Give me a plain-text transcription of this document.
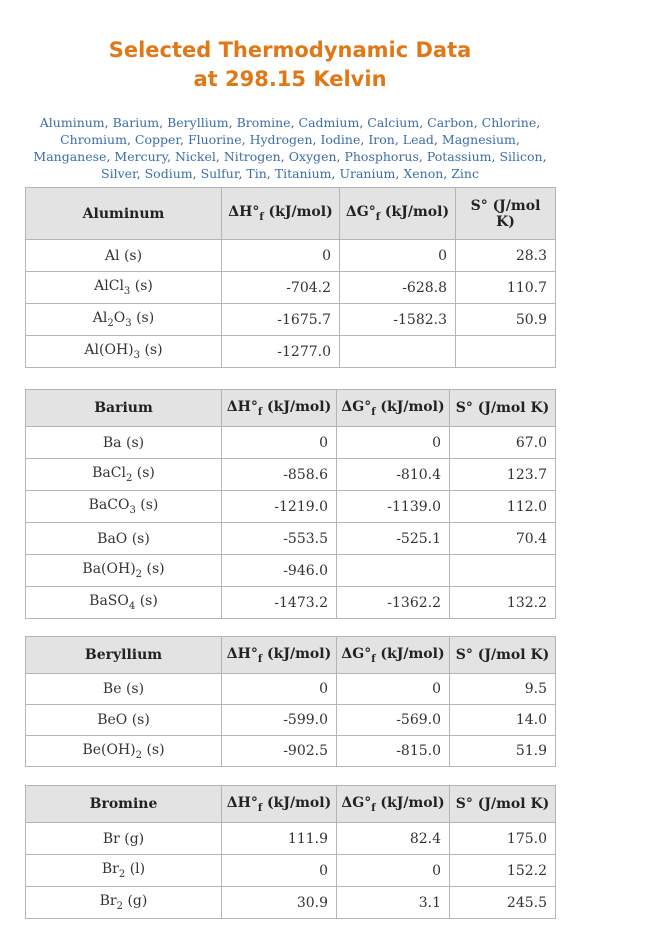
Selected Thermodynamic Data
at 298.15 Kelvin
Aluminum, Barium, Beryllium, Bromine, Cadmium, Calcium, Carbon, Chlorine, Chromium, Copper, Fluorine, Hydrogen, Iodine, Iron, Lead, Magnesium, Manganese, Mercury, Nickel, Nitrogen, Oxygen, Phosphorus, Potassium, Silicon, Silver, Sodium, Sulfur, Tin, Titanium, Uranium, Xenon, Zinc
Aluminum	$\Delta H^\circ_f$ (kJ/mol)	$\Delta G^\circ_f$ (kJ/mol)	S° (J/mol
K)

Al (s)	0	0	28.3
AlCl$_3$ (s)	-704.2	-628.8	110.7
$Al_2O_3$ (s)	-1675.7	-1582.3	50.9
$Al(OH)_3$ (s)	-1277.0		
Barium	$\Delta H^\circ_f$ (kJ/mol)	$\Delta G^\circ_f$ (kJ/mol)	S° (J/mol K)
Ba (s)	0	0	67.0
BaCl$_2$ (s)	-858.6	-810.4	123.7
BaCO$_3$ (s)	-1219.0	-1139.0	112.0
BaO (s)	-553.5	-525.1	70.4
$Ba(OH)_2$ (s)	-946.0		
BaSO$_4$ (s)	-1473.2	-1362.2	132.2
Beryllium	$\Delta H^\circ_f$ (kJ/mol)	$\Delta G^\circ_f$ (kJ/mol)	S° (J/mol K)
Be (s)	0	0	9.5
BeO (s)	-599.0	-569.0	14.0
$Be(OH)_2$ (s)	-902.5	-815.0	51.9
Bromine	$\Delta H^\circ_f$ (kJ/mol)	$\Delta G^\circ_f$ (kJ/mol)	S° (J/mol K)
Br (g)	111.9	82.4	175.0
$Br_2$ (l)	0	0	152.2
$Br_2$ (g)	30.9	3.1	245.5
